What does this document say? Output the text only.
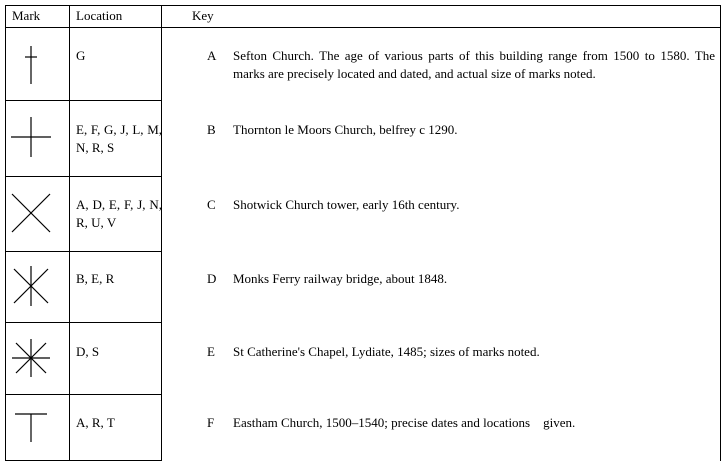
Mark	Location	Key
G
E, F, G, J, L, M, N, R, S
A, D, E, F, J, N, R, U, V
B, E, R
D, S
A, R, T
A Sefton Church. The age of various parts of this building range from 1500 to 1580. The marks are precisely located and dated, and actual size of marks noted.
B Thornton le Moors Church, belfrey c 1290.
C Shotwick Church tower, early 16th century.
D Monks Ferry railway bridge, about 1848.
E St Catherine's Chapel, Lydiate, 1485; sizes of marks noted.
F Eastham Church, 1500–1540; precise dates and locations    given.
